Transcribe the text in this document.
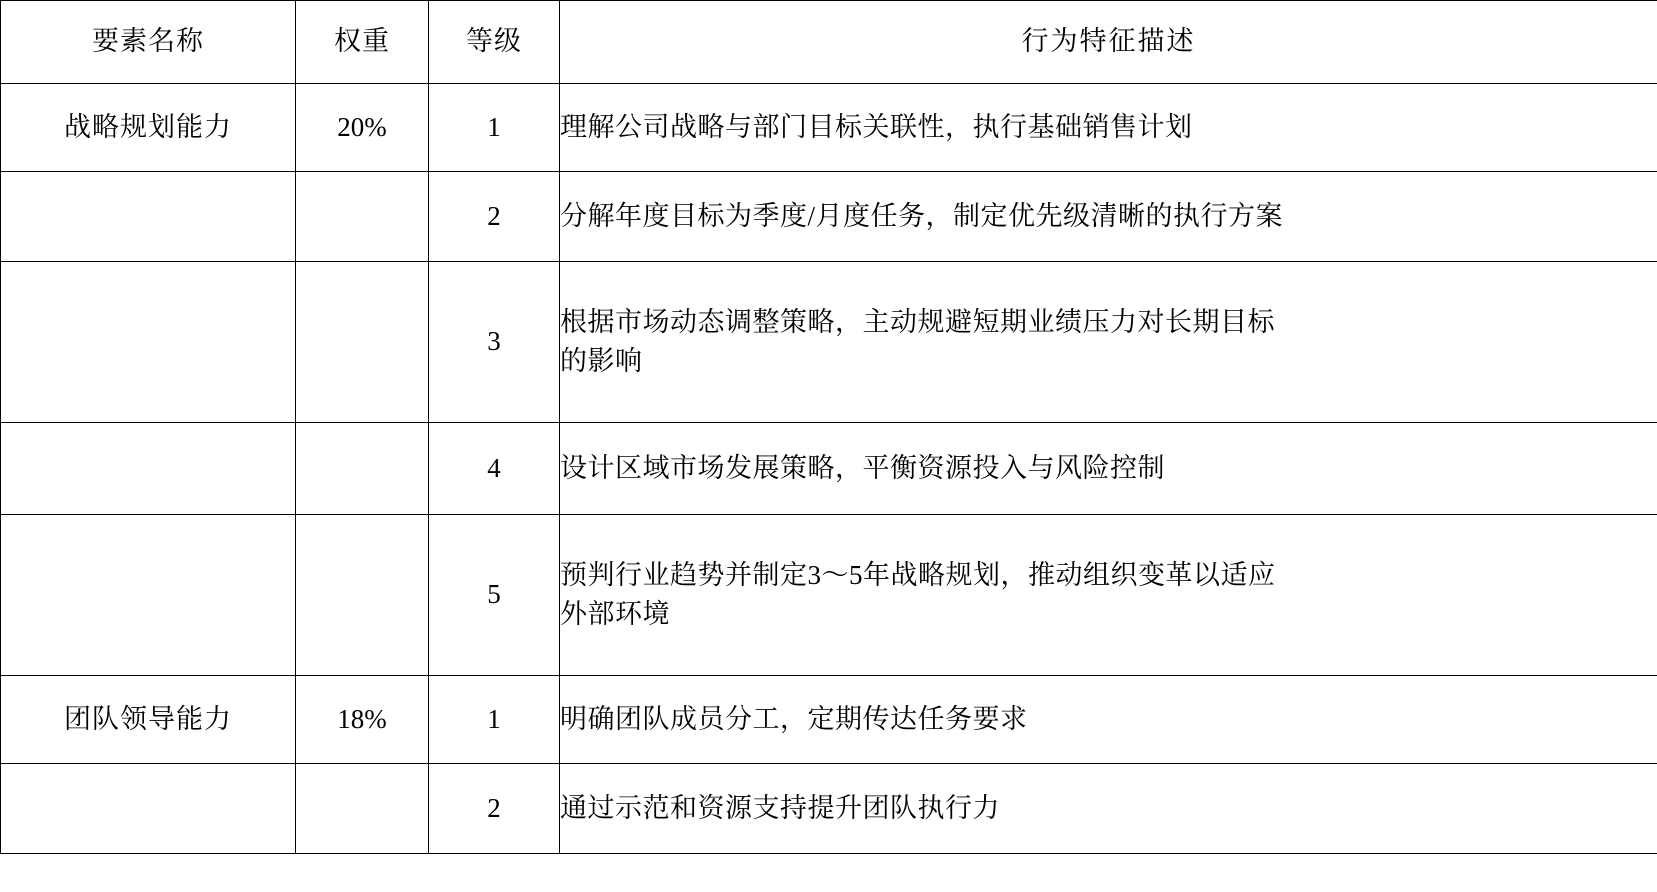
要素名称	权重	等级	行为特征描述
战略规划能力	20%	1	理解公司战略与部门目标关联性，执行基础销售计划

		2	分解年度目标为季度/月度任务，制定优先级清晰的执行方案

		3	根据市场动态调整策略，主动规避短期业绩压力对长期目标
的影响

		4	设计区域市场发展策略，平衡资源投入与风险控制

		5	预判行业趋势并制定3～5年战略规划，推动组织变革以适应
外部环境

团队领导能力	18%	1	明确团队成员分工，定期传达任务要求

		2	通过示范和资源支持提升团队执行力
